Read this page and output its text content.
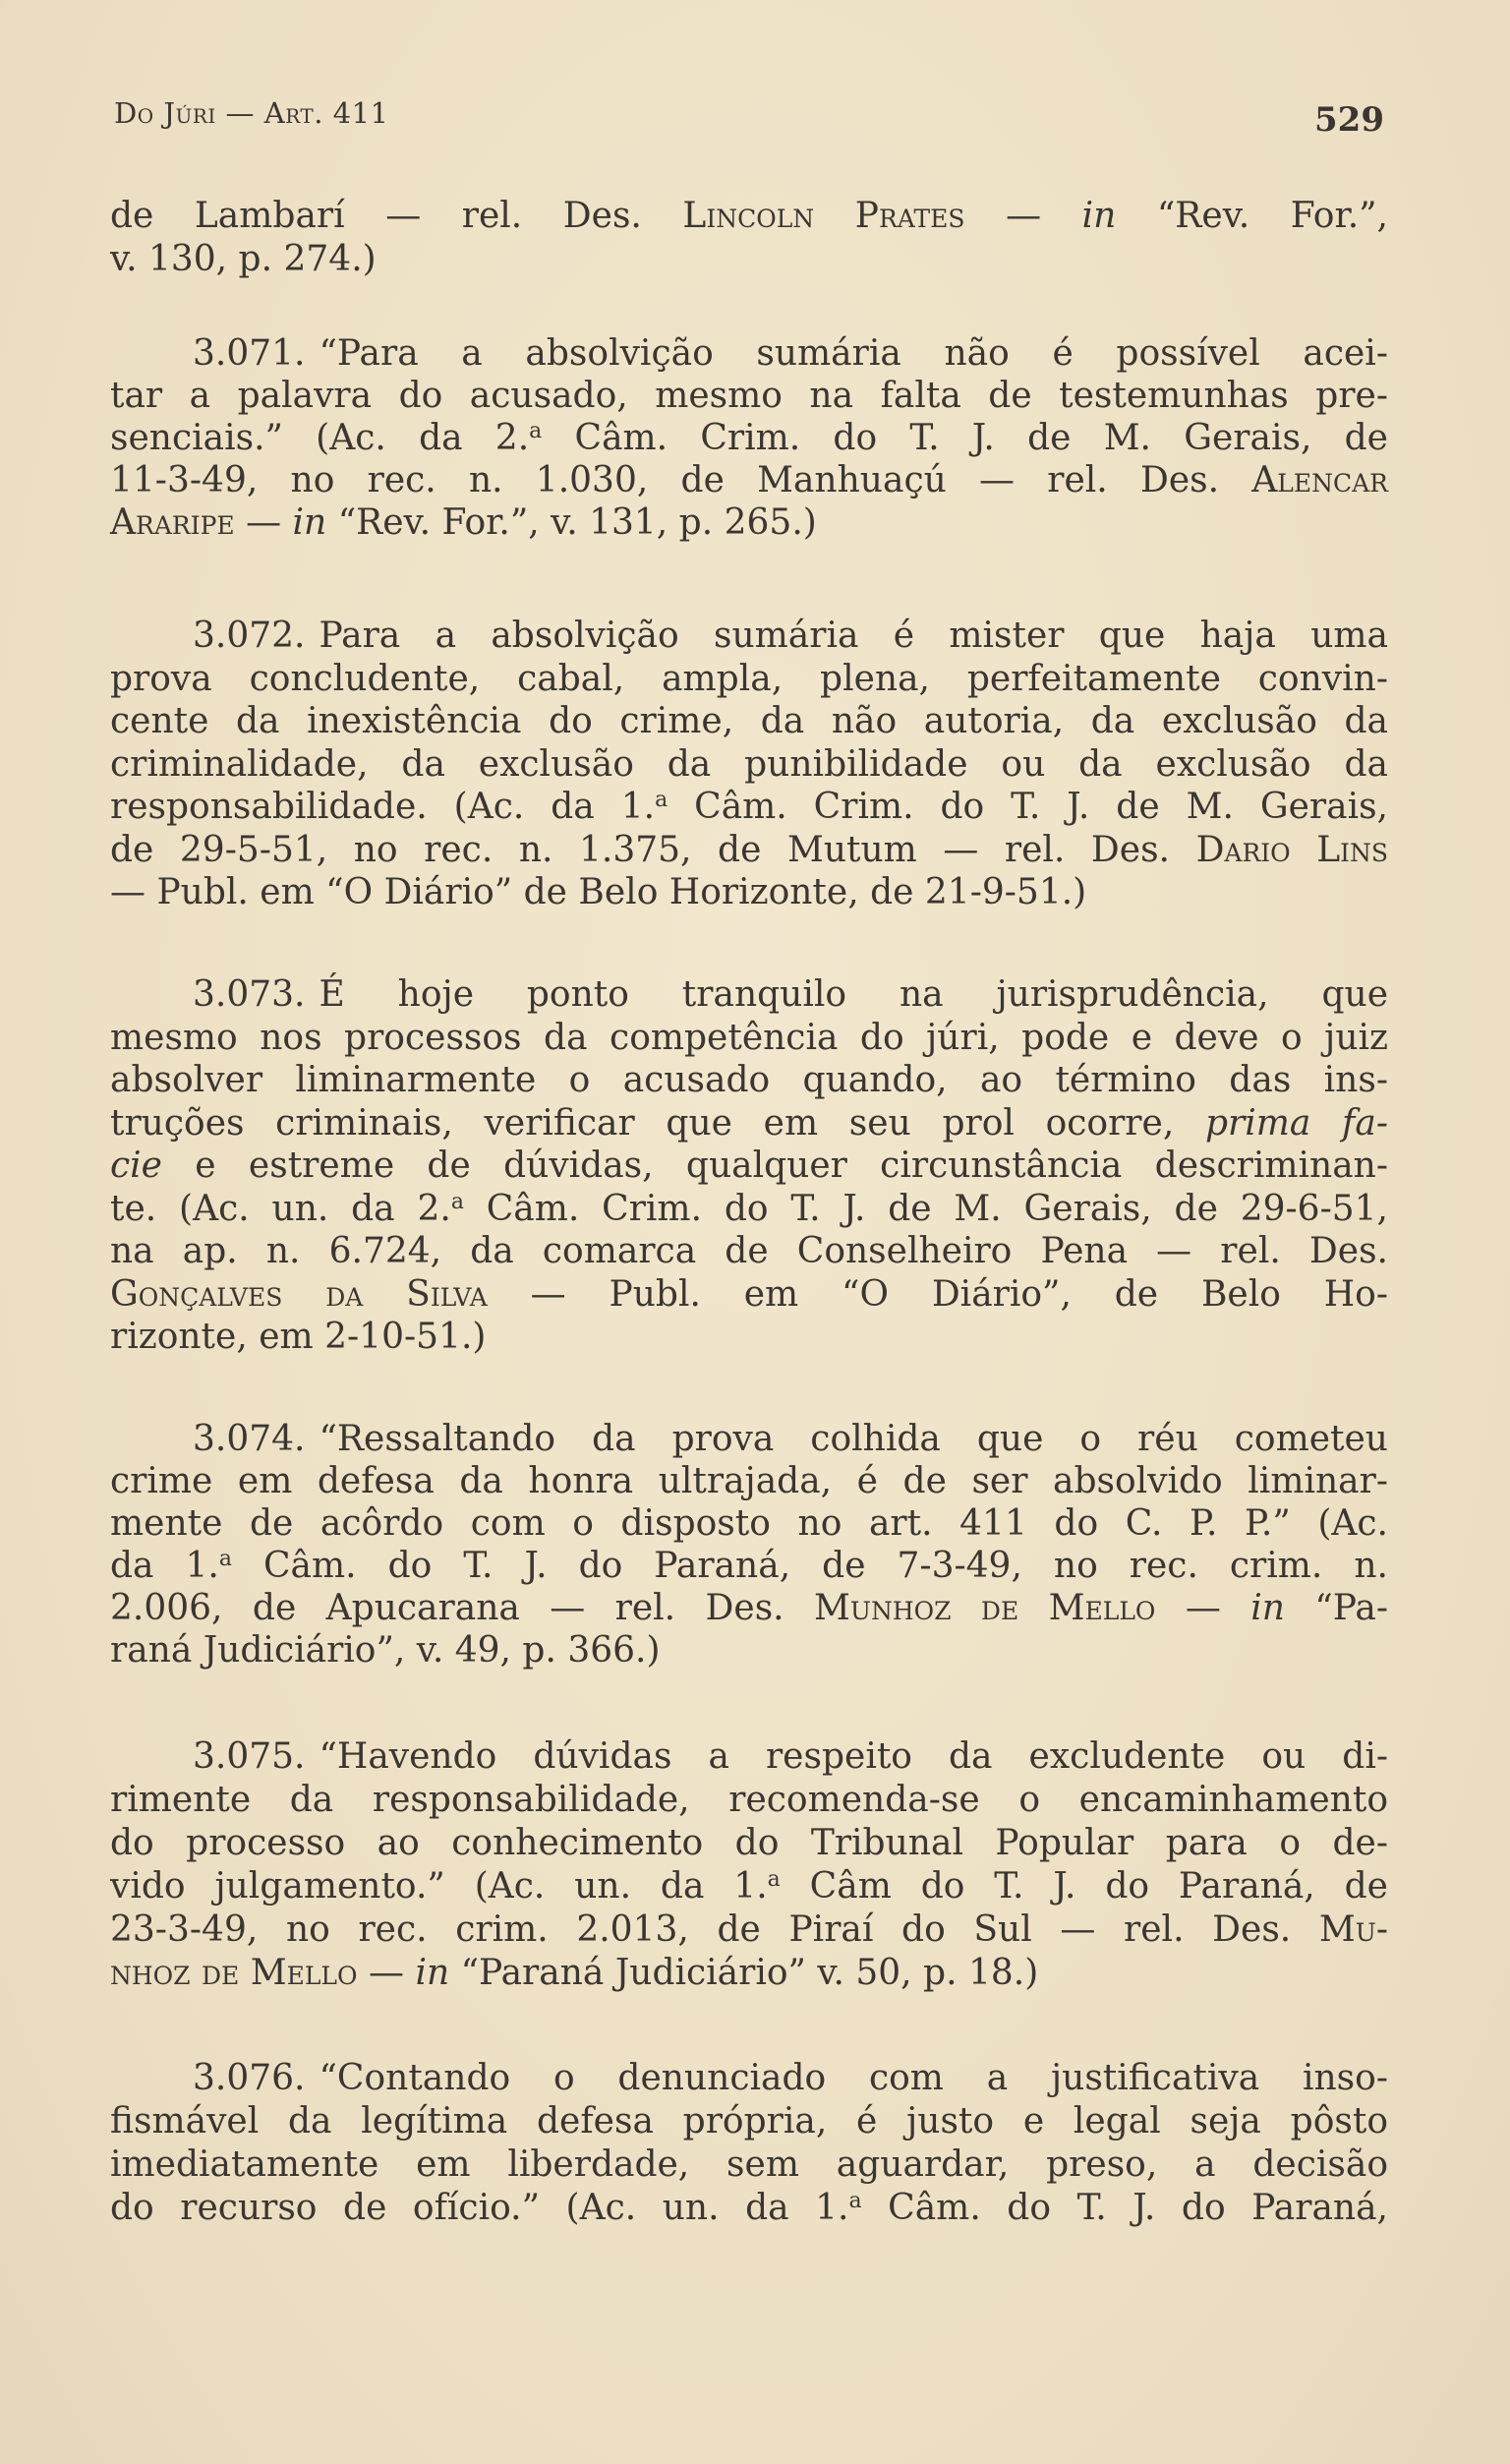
Do Júri — Art. 411	529
de Lambarí — rel. Des. Lincoln Prates — in “Rev. For.”,
v. 130, p. 274.)
3.071. “Para a absolvição sumária não é possível acei-
tar a palavra do acusado, mesmo na falta de testemunhas pre-
senciais.” (Ac. da 2.$^a$ Câm. Crim. do T. J. de M. Gerais, de
11-3-49, no rec. n. 1.030, de Manhuaçú — rel. Des. Alencar
Araripe — in “Rev. For.”, v. 131, p. 265.)
3.072. Para a absolvição sumária é mister que haja uma
prova concludente, cabal, ampla, plena, perfeitamente convin-
cente da inexistência do crime, da não autoria, da exclusão da
criminalidade, da exclusão da punibilidade ou da exclusão da
responsabilidade. (Ac. da 1.$^a$ Câm. Crim. do T. J. de M. Gerais,
de 29-5-51, no rec. n. 1.375, de Mutum — rel. Des. Dario Lins
— Publ. em “O Diário” de Belo Horizonte, de 21-9-51.)
3.073. É hoje ponto tranquilo na jurisprudência, que
mesmo nos processos da competência do júri, pode e deve o juiz
absolver liminarmente o acusado quando, ao término das ins-
truções criminais, verificar que em seu prol ocorre, prima fa-
cie e estreme de dúvidas, qualquer circunstância descriminan-
te. (Ac. un. da 2.$^a$ Câm. Crim. do T. J. de M. Gerais, de 29-6-51,
na ap. n. 6.724, da comarca de Conselheiro Pena — rel. Des.
Gonçalves da Silva — Publ. em “O Diário”, de Belo Ho-
rizonte, em 2-10-51.)
3.074. “Ressaltando da prova colhida que o réu cometeu
crime em defesa da honra ultrajada, é de ser absolvido liminar-
mente de acôrdo com o disposto no art. 411 do C. P. P.” (Ac.
da 1.$^a$ Câm. do T. J. do Paraná, de 7-3-49, no rec. crim. n.
2.006, de Apucarana — rel. Des. Munhoz de Mello — in “Pa-
raná Judiciário”, v. 49, p. 366.)
3.075. “Havendo dúvidas a respeito da excludente ou di-
rimente da responsabilidade, recomenda-se o encaminhamento
do processo ao conhecimento do Tribunal Popular para o de-
vido julgamento.” (Ac. un. da 1.$^a$ Câm do T. J. do Paraná, de
23-3-49, no rec. crim. 2.013, de Piraí do Sul — rel. Des. Mu-
nhoz de Mello — in “Paraná Judiciário” v. 50, p. 18.)
3.076. “Contando o denunciado com a justificativa inso-
fismável da legítima defesa própria, é justo e legal seja pôsto
imediatamente em liberdade, sem aguardar, preso, a decisão
do recurso de ofício.” (Ac. un. da 1.$^a$ Câm. do T. J. do Paraná,
